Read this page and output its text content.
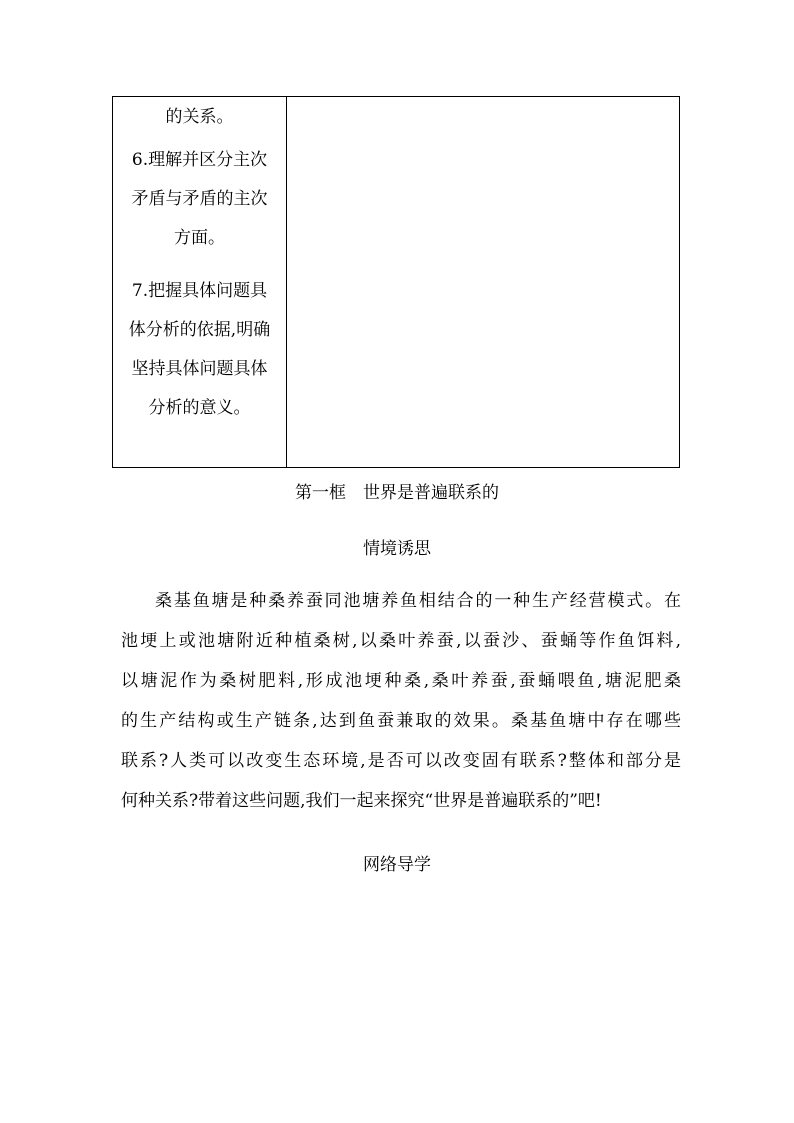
的关系。

6.理解并区分主次

矛盾与矛盾的主次

方面。

7.把握具体问题具

体分析的依据,明确

坚持具体问题具体

分析的意义。

第一框　世界是普遍联系的

情境诱思

桑基鱼塘是种桑养蚕同池塘养鱼相结合的一种生产经营模式。在

池埂上或池塘附近种植桑树,以桑叶养蚕,以蚕沙、蚕蛹等作鱼饵料,

以塘泥作为桑树肥料,形成池埂种桑,桑叶养蚕,蚕蛹喂鱼,塘泥肥桑

的生产结构或生产链条,达到鱼蚕兼取的效果。桑基鱼塘中存在哪些

联系?人类可以改变生态环境,是否可以改变固有联系?整体和部分是

何种关系?带着这些问题,我们一起来探究“世界是普遍联系的”吧!

网络导学
